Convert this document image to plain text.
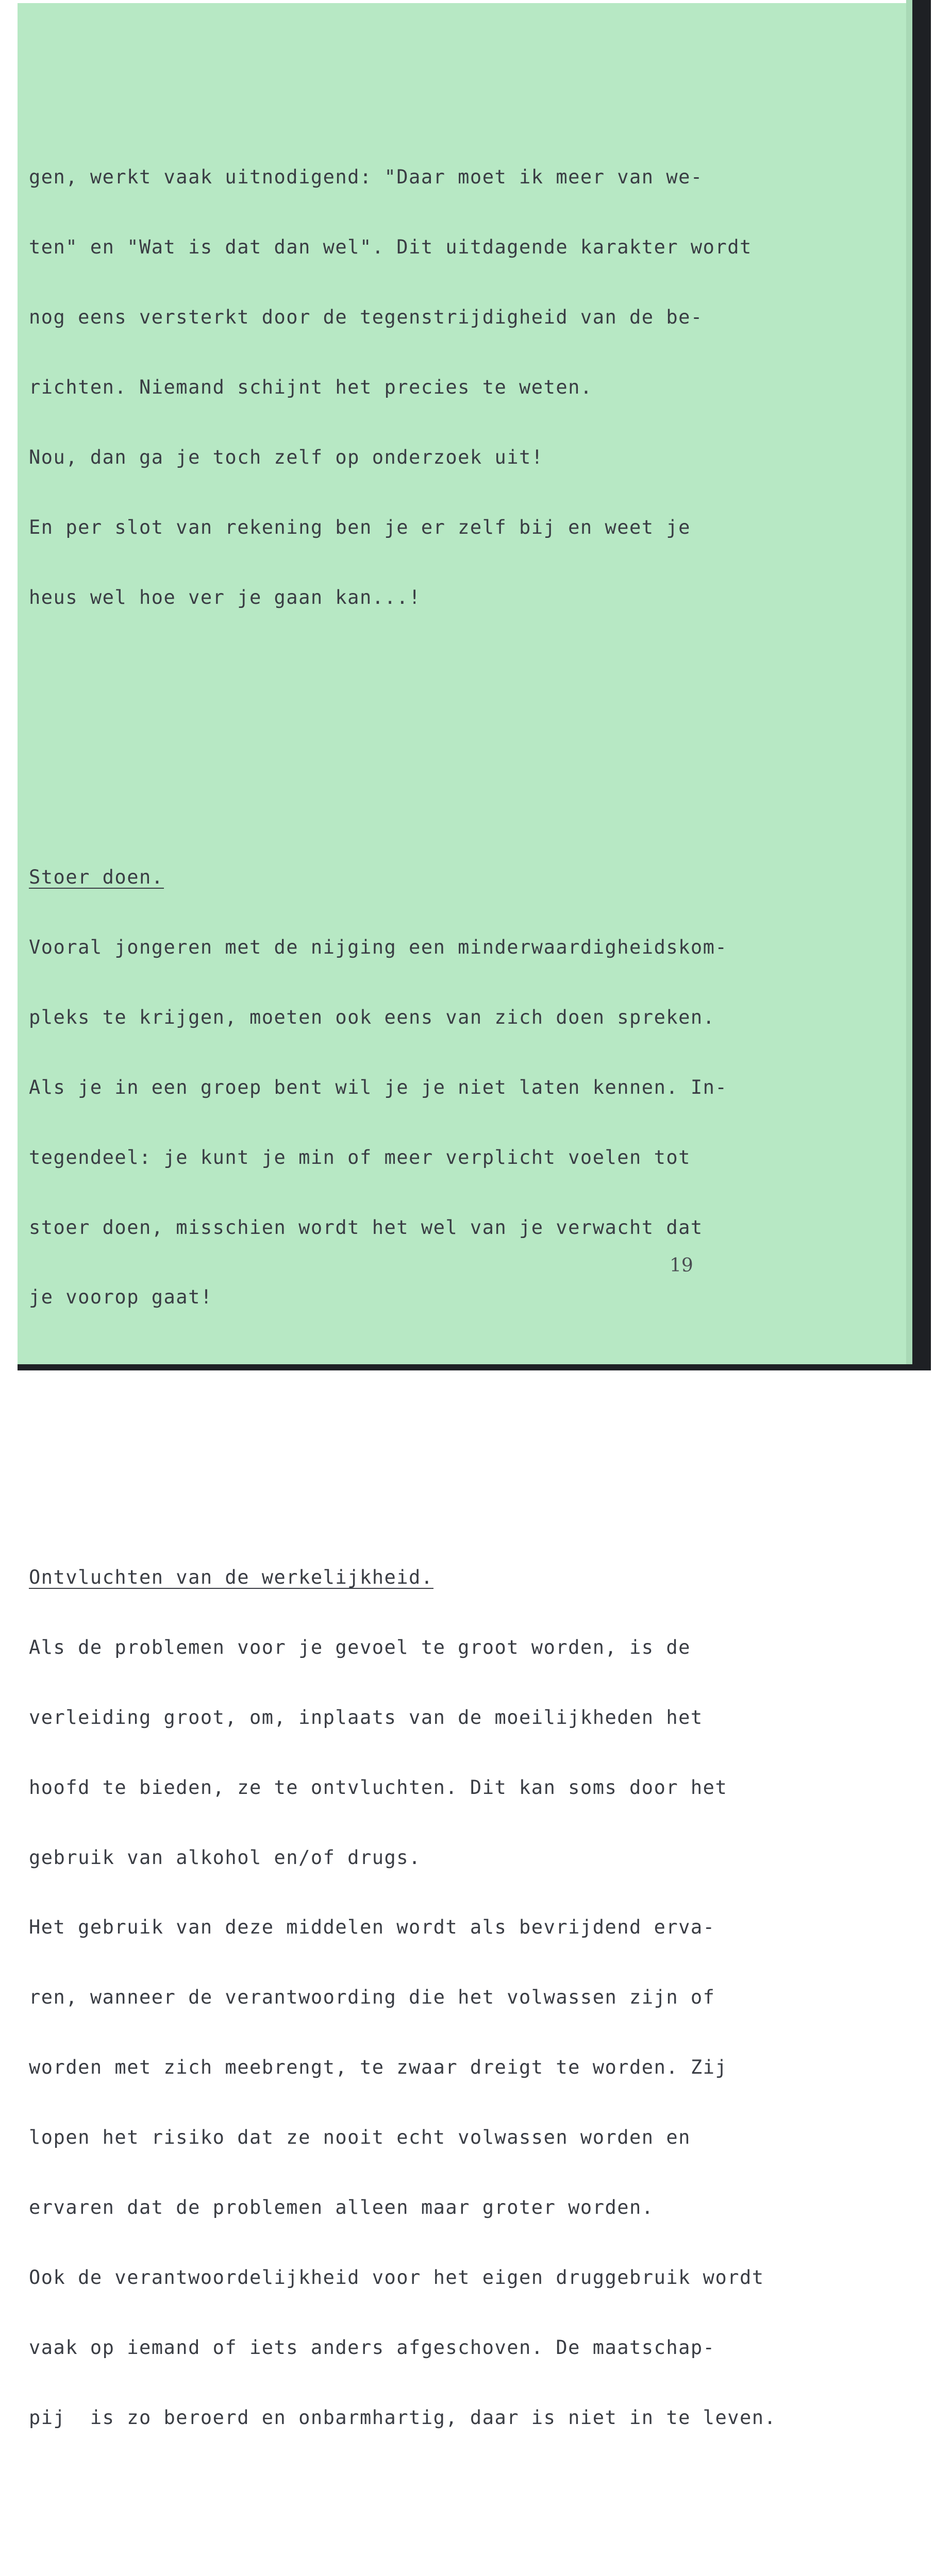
gen, werkt vaak uitnodigend: "Daar moet ik meer van we-

ten" en "Wat is dat dan wel". Dit uitdagende karakter wordt

nog eens versterkt door de tegenstrijdigheid van de be-

richten. Niemand schijnt het precies te weten.

Nou, dan ga je toch zelf op onderzoek uit!

En per slot van rekening ben je er zelf bij en weet je

heus wel hoe ver je gaan kan...!

Stoer doen.

Vooral jongeren met de nijging een minderwaardigheidskom-

pleks te krijgen, moeten ook eens van zich doen spreken.

Als je in een groep bent wil je je niet laten kennen. In-

tegendeel: je kunt je min of meer verplicht voelen tot

stoer doen, misschien wordt het wel van je verwacht dat

je voorop gaat!

Ontvluchten van de werkelijkheid.

Als de problemen voor je gevoel te groot worden, is de

verleiding groot, om, inplaats van de moeilijkheden het

hoofd te bieden, ze te ontvluchten. Dit kan soms door het

gebruik van alkohol en/of drugs.

Het gebruik van deze middelen wordt als bevrijdend erva-

ren, wanneer de verantwoording die het volwassen zijn of

worden met zich meebrengt, te zwaar dreigt te worden. Zij

lopen het risiko dat ze nooit echt volwassen worden en

ervaren dat de problemen alleen maar groter worden.

Ook de verantwoordelijkheid voor het eigen druggebruik wordt

vaak op iemand of iets anders afgeschoven. De maatschap-

pij  is zo beroerd en onbarmhartig, daar is niet in te leven.

19
